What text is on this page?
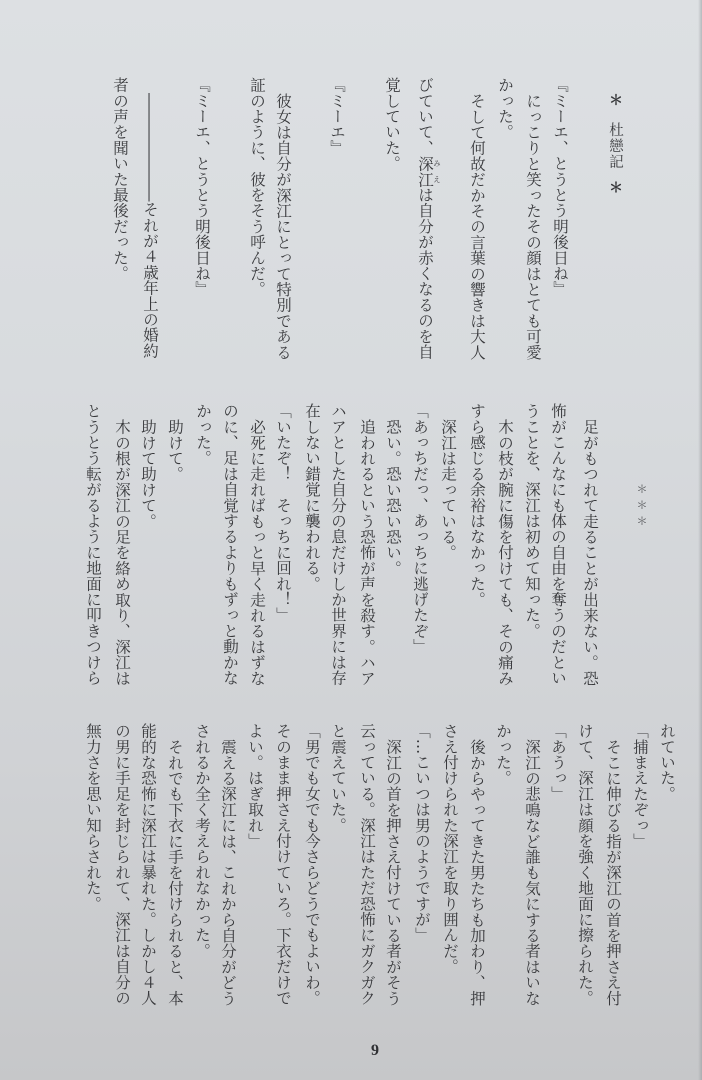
＊杜戀記＊
『ミーエ、とうとう明後日ね』
にっこりと笑ったその顔はとても可愛
かった。
そして何故だかその言葉の響きは大人
びていて、深江みえは自分が赤くなるのを自
覚していた。
『ミーエ』
彼女は自分が深江にとって特別である
証のように、彼をそう呼んだ。
『ミーエ、とうとう明後日ね』
―――――――それが４歳年上の婚約
者の声を聞いた最後だった。
＊＊＊
足がもつれて走ることが出来ない。恐
怖がこんなにも体の自由を奪うのだとい
うことを、深江は初めて知った。
木の枝が腕に傷を付けても、その痛み
すら感じる余裕はなかった。
深江は走っている。
「あっちだっ、あっちに逃げたぞ」
恐い。恐い恐い恐い。
追われるという恐怖が声を殺す。ハア
ハアとした自分の息だけしか世界には存
在しない錯覚に襲われる。
「いたぞ！　そっちに回れ！」
必死に走ればもっと早く走れるはずな
のに、足は自覚するよりもずっと動かな
かった。
助けて。
助けて助けて。
木の根が深江の足を絡め取り、深江は
とうとう転がるように地面に叩きつけら
れていた。
「捕まえたぞっ」
そこに伸びる指が深江の首を押さえ付
けて、深江は顔を強く地面に擦られた。
「あうっ」
深江の悲鳴など誰も気にする者はいな
かった。
後からやってきた男たちも加わり、押
さえ付けられた深江を取り囲んだ。
「…こいつは男のようですが」
深江の首を押さえ付けている者がそう
云っている。深江はただ恐怖にガクガク
と震えていた。
「男でも女でも今さらどうでもよいわ。
そのまま押さえ付けていろ。下衣だけで
よい。はぎ取れ」
震える深江には、これから自分がどう
されるか全く考えられなかった。
それでも下衣に手を付けられると、本
能的な恐怖に深江は暴れた。しかし４人
の男に手足を封じられて、深江は自分の
無力さを思い知らされた。
9
